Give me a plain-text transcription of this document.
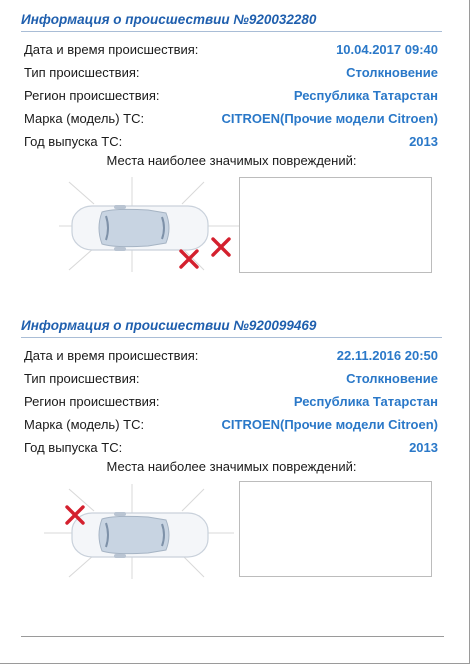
Информация о происшествии №920032280
Дата и время происшествия:	10.04.2017 09:40
Тип происшествия:	Столкновение
Регион происшествия:	Республика Татарстан
Марка (модель) ТС:	CITROEN(Прочие модели Citroen)
Год выпуска ТС:	2013
Места наиболее значимых повреждений:
Информация о происшествии №920099469
Дата и время происшествия:	22.11.2016 20:50
Тип происшествия:	Столкновение
Регион происшествия:	Республика Татарстан
Марка (модель) ТС:	CITROEN(Прочие модели Citroen)
Год выпуска ТС:	2013
Места наиболее значимых повреждений:
